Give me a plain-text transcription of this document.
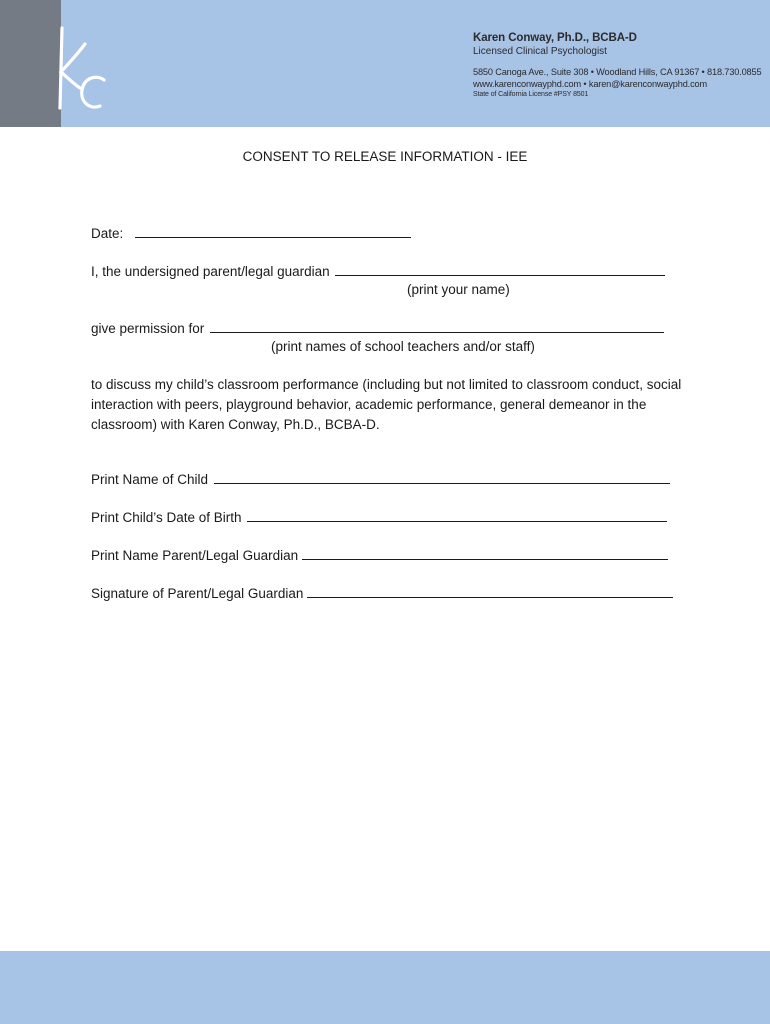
Karen Conway, Ph.D., BCBA-D
Licensed Clinical Psychologist
5850 Canoga Ave., Suite 308 • Woodland Hills, CA 91367 • 818.730.0855
www.karenconwayphd.com • karen@karenconwayphd.com
State of California License #PSY 8501
CONSENT TO RELEASE INFORMATION - IEE
Date:
I, the undersigned parent/legal guardian
(print your name)
give permission for
(print names of school teachers and/or staff)
to discuss my child’s classroom performance (including but not limited to classroom conduct, social interaction with peers, playground behavior, academic performance, general demeanor in the classroom) with Karen Conway, Ph.D., BCBA-D.
Print Name of Child
Print Child’s Date of Birth
Print Name Parent/Legal Guardian
Signature of Parent/Legal Guardian
